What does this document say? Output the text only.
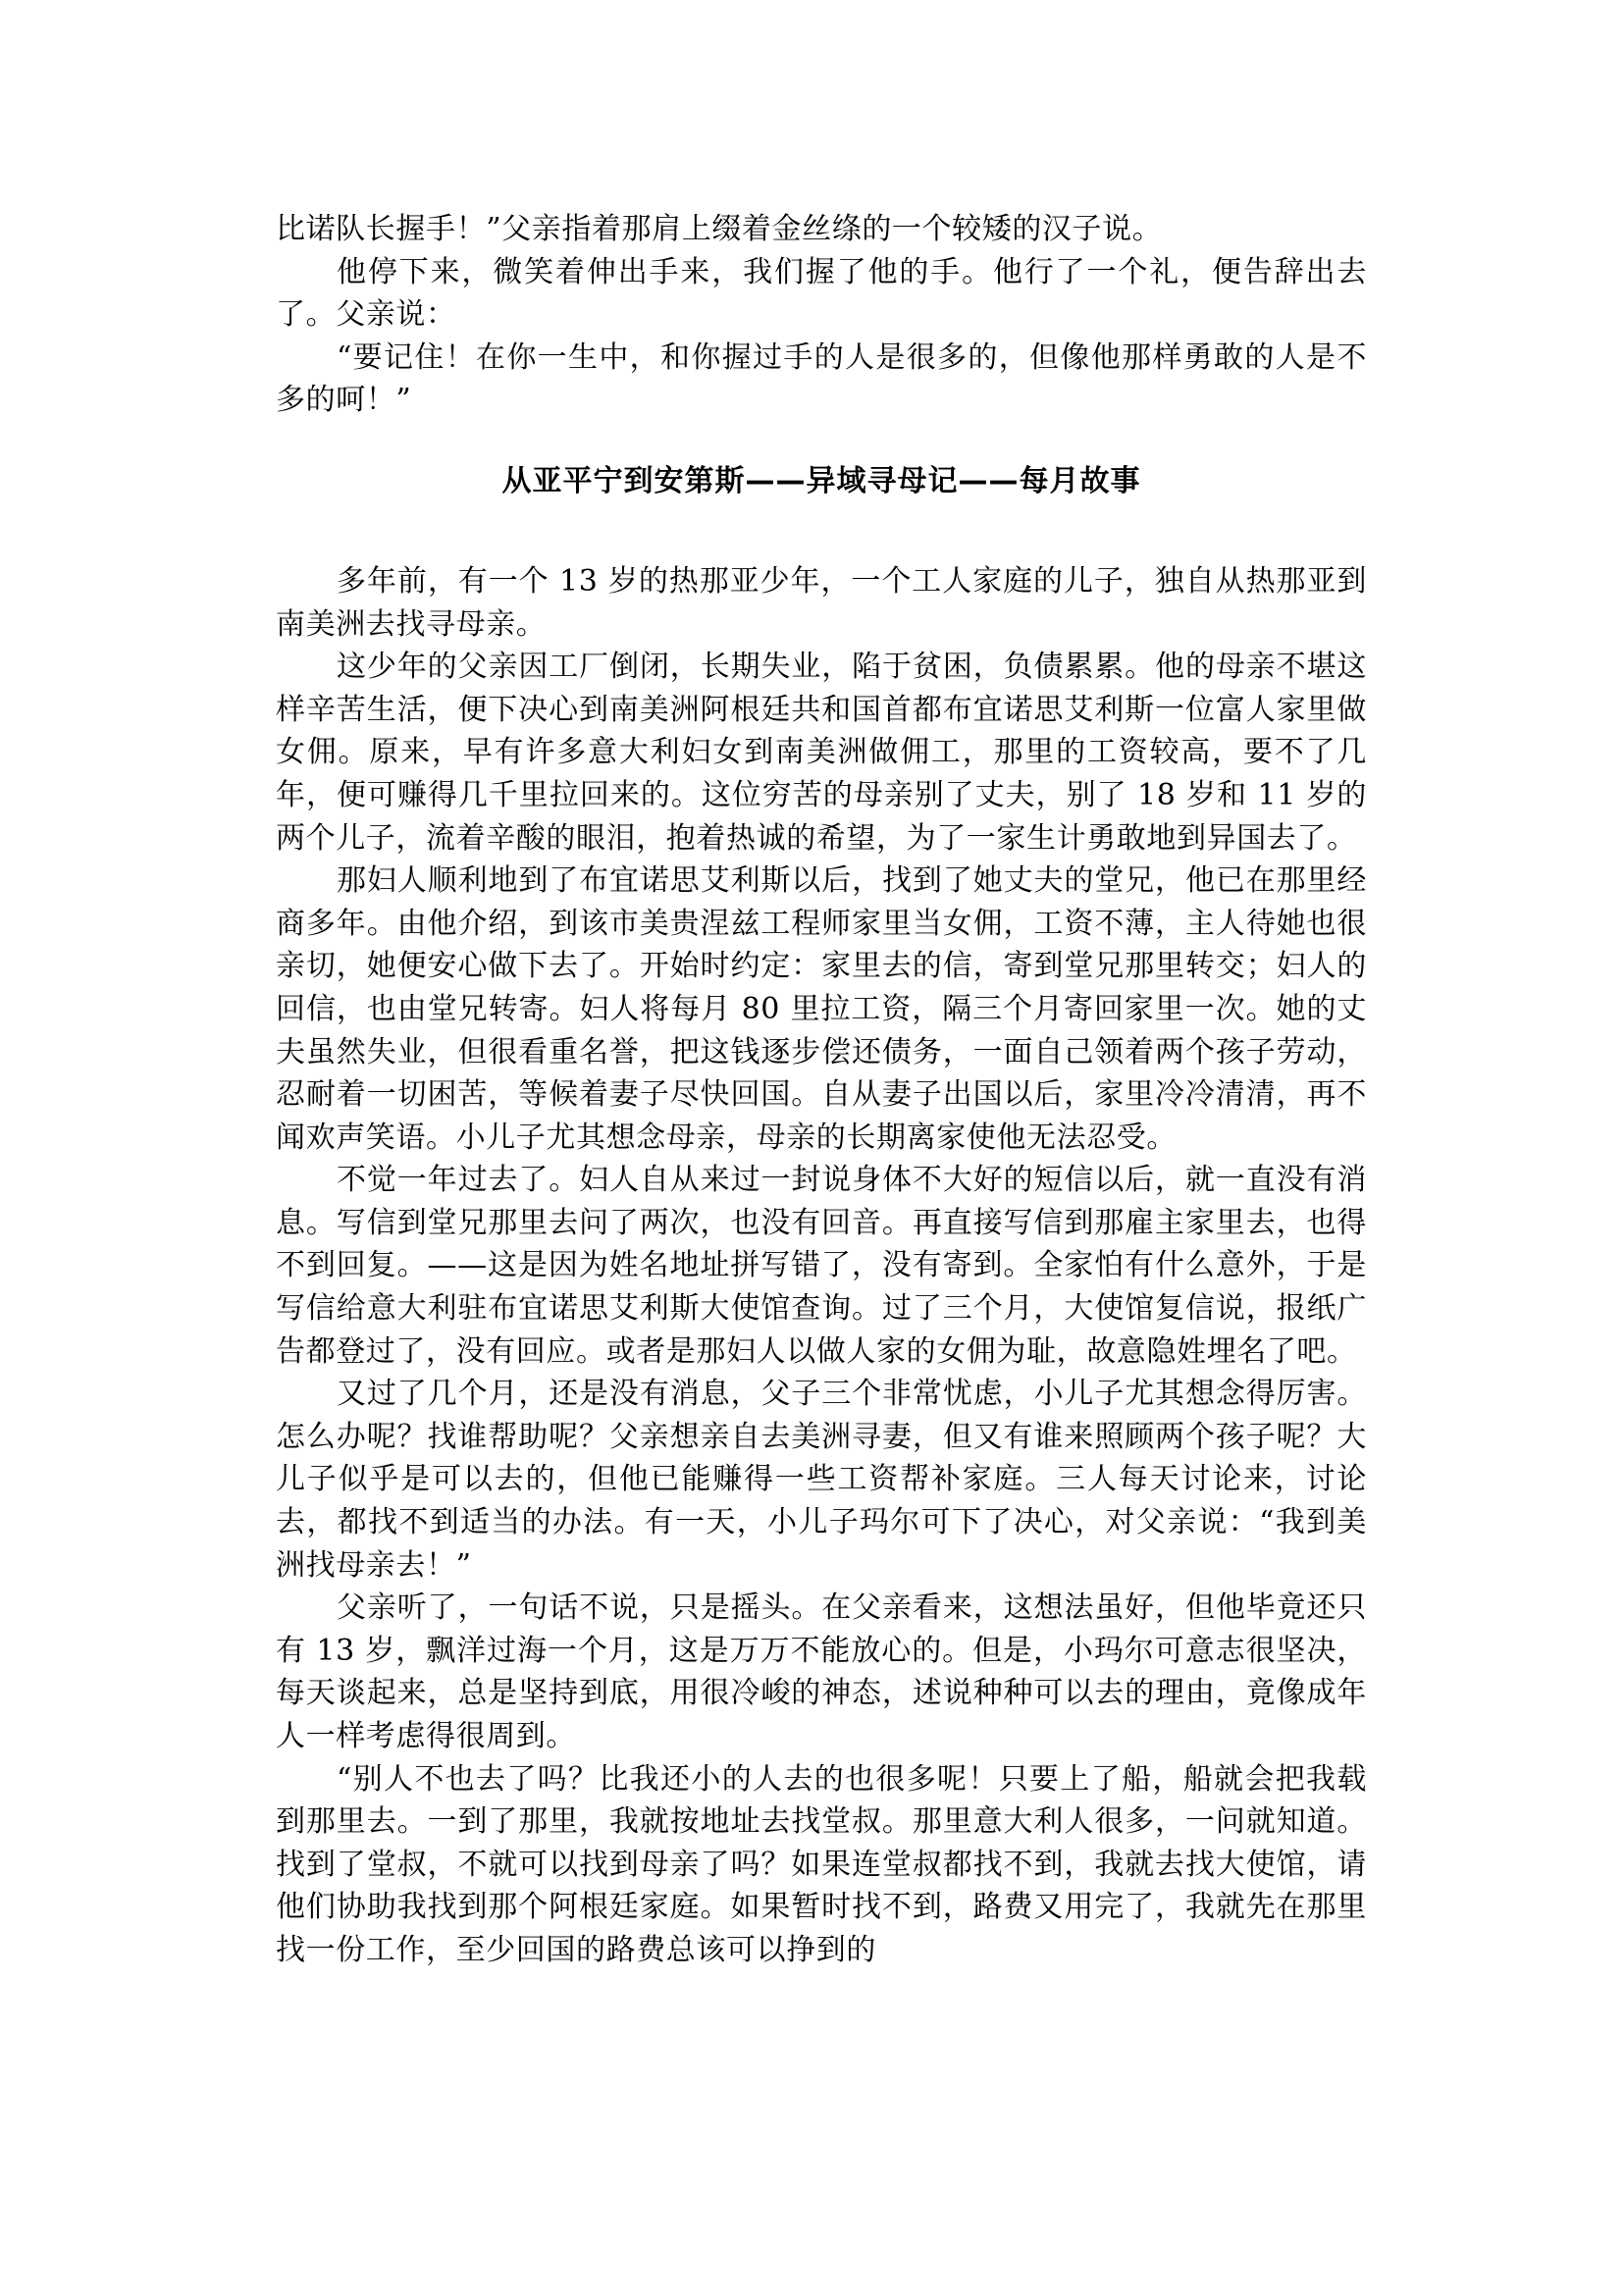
比诺队长握手！”父亲指着那肩上缀着金丝绦的一个较矮的汉子说。

他停下来，微笑着伸出手来，我们握了他的手。他行了一个礼，便告辞出去了。父亲说：

“要记住！在你一生中，和你握过手的人是很多的，但像他那样勇敢的人是不多的呵！”

从亚平宁到安第斯——异域寻母记——每月故事

多年前，有一个 13 岁的热那亚少年，一个工人家庭的儿子，独自从热那亚到南美洲去找寻母亲。

这少年的父亲因工厂倒闭，长期失业，陷于贫困，负债累累。他的母亲不堪这样辛苦生活，便下决心到南美洲阿根廷共和国首都布宜诺思艾利斯一位富人家里做女佣。原来，早有许多意大利妇女到南美洲做佣工，那里的工资较高，要不了几年，便可赚得几千里拉回来的。这位穷苦的母亲别了丈夫，别了 18 岁和 11 岁的两个儿子，流着辛酸的眼泪，抱着热诚的希望，为了一家生计勇敢地到异国去了。

那妇人顺利地到了布宜诺思艾利斯以后，找到了她丈夫的堂兄，他已在那里经商多年。由他介绍，到该市美贵涅兹工程师家里当女佣，工资不薄，主人待她也很亲切，她便安心做下去了。开始时约定：家里去的信，寄到堂兄那里转交；妇人的回信，也由堂兄转寄。妇人将每月 80 里拉工资，隔三个月寄回家里一次。她的丈夫虽然失业，但很看重名誉，把这钱逐步偿还债务，一面自己领着两个孩子劳动，忍耐着一切困苦，等候着妻子尽快回国。自从妻子出国以后，家里冷冷清清，再不闻欢声笑语。小儿子尤其想念母亲，母亲的长期离家使他无法忍受。

不觉一年过去了。妇人自从来过一封说身体不大好的短信以后，就一直没有消息。写信到堂兄那里去问了两次，也没有回音。再直接写信到那雇主家里去，也得不到回复。——这是因为姓名地址拼写错了，没有寄到。全家怕有什么意外，于是写信给意大利驻布宜诺思艾利斯大使馆查询。过了三个月，大使馆复信说，报纸广告都登过了，没有回应。或者是那妇人以做人家的女佣为耻，故意隐姓埋名了吧。

又过了几个月，还是没有消息，父子三个非常忧虑，小儿子尤其想念得厉害。怎么办呢？找谁帮助呢？父亲想亲自去美洲寻妻，但又有谁来照顾两个孩子呢？大儿子似乎是可以去的，但他已能赚得一些工资帮补家庭。三人每天讨论来，讨论去，都找不到适当的办法。有一天，小儿子玛尔可下了决心，对父亲说：“我到美洲找母亲去！”

父亲听了，一句话不说，只是摇头。在父亲看来，这想法虽好，但他毕竟还只有 13 岁，飘洋过海一个月，这是万万不能放心的。但是，小玛尔可意志很坚决，每天谈起来，总是坚持到底，用很冷峻的神态，述说种种可以去的理由，竟像成年人一样考虑得很周到。

“别人不也去了吗？比我还小的人去的也很多呢！只要上了船，船就会把我载到那里去。一到了那里，我就按地址去找堂叔。那里意大利人很多，一问就知道。找到了堂叔，不就可以找到母亲了吗？如果连堂叔都找不到，我就去找大使馆，请他们协助我找到那个阿根廷家庭。如果暂时找不到，路费又用完了，我就先在那里找一份工作，至少回国的路费总该可以挣到的
